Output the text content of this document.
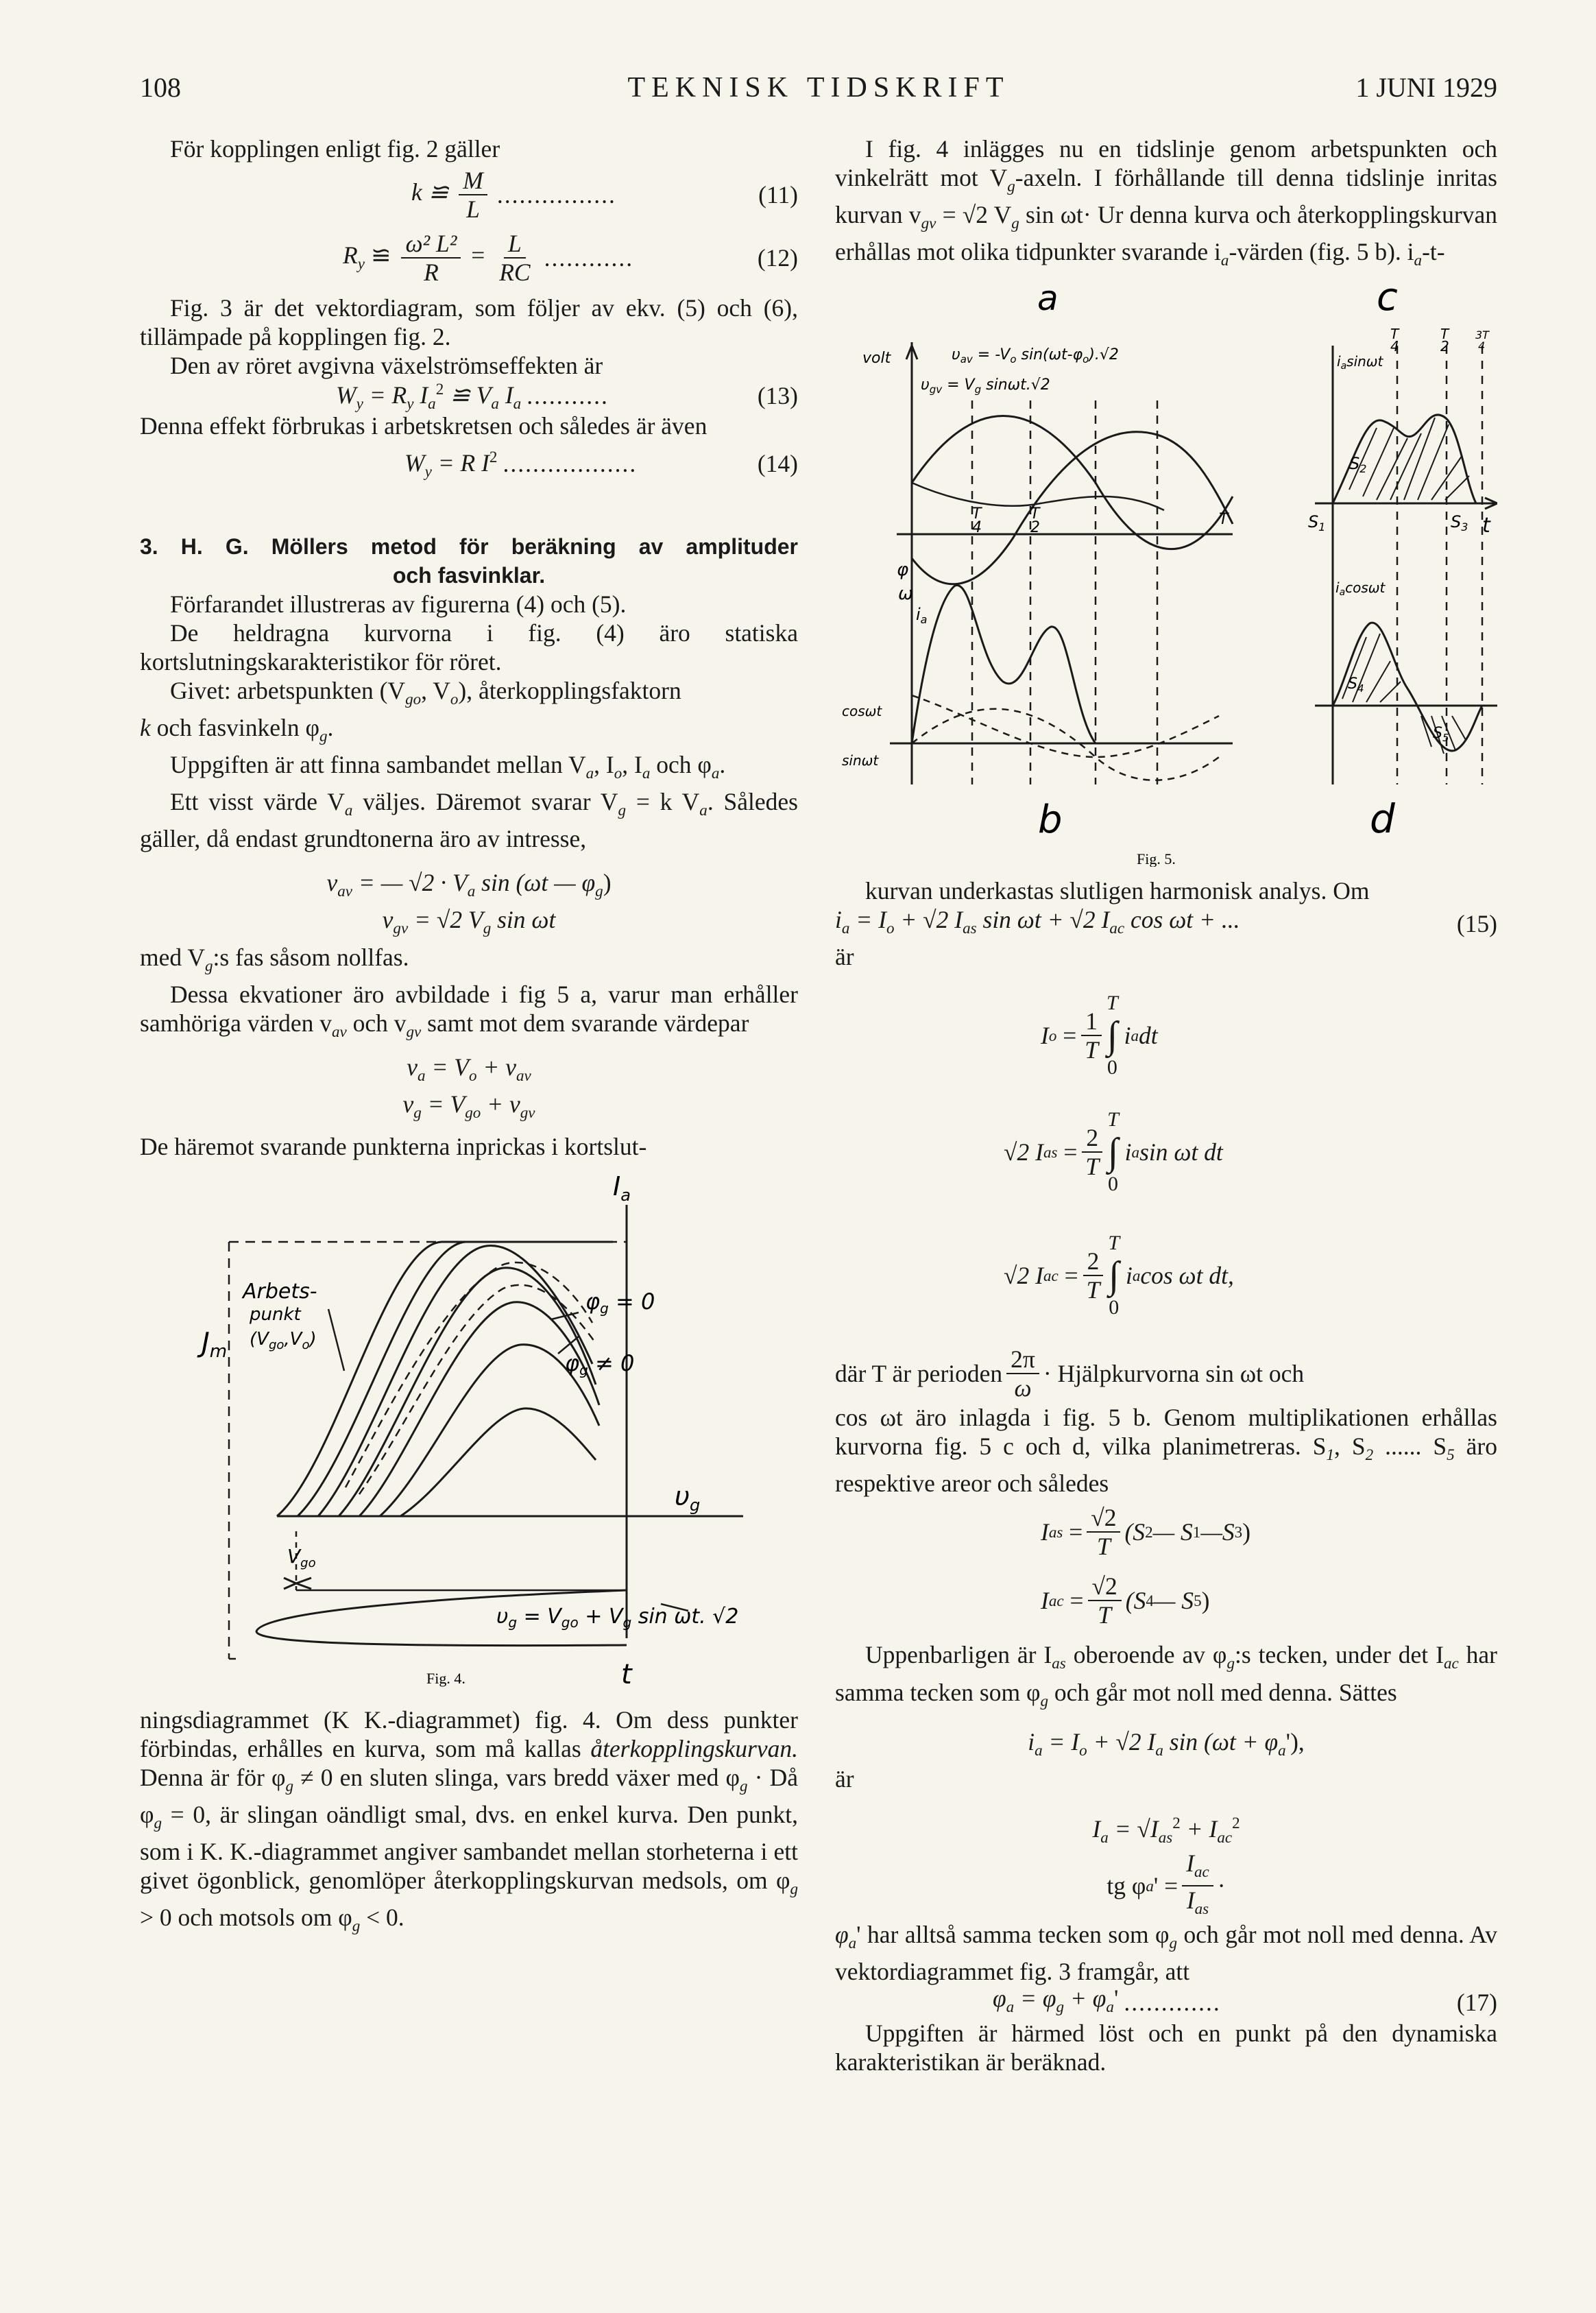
108	TEKNISK TIDSKRIFT	1 JUNI 1929

För kopplingen enligt fig. 2 gäller

k ≌ $\frac{M}{L}$ ................	(11)
$R_y$ ≌ $\frac{\text{ω² L²}}{R} = \frac{L}{RC}$ ............	(12)

Fig. 3 är det vektordiagram, som följer av ekv. (5) och (6), tillämpade på kopplingen fig. 2.

Den av röret avgivna växelströmseffekten är

$W_y = R_y$ $I_a^2$ ≌ $V_a$ $I_a$ ...........	(13)

Denna effekt förbrukas i arbetskretsen och således är även

$W_y = R$ $I^2$ ..................	(14)
3. H. G. Möllers metod för beräkning av amplituder
och fasvinklar.

Förfarandet illustreras av figurerna (4) och (5).

De heldragna kurvorna i fig. (4) äro statiska kortslutningskarakteristikor för röret.

Givet: arbetspunkten ($V_{go}$, $V_o$), återkopplingsfaktorn
k och fasvinkeln $\varphi_g$.

Uppgiften är att finna sambandet mellan $V_a$, $I_o$, $I_a$ och $\varphi_a$.

Ett visst värde $V_a$ väljes. Däremot svarar $V_g = k$ $V_a$. Således gäller, då endast grundtonerna äro av intresse,

$v_{av}$ = — $√2 \cdot V_a$ sin (ωt — $\varphi_g$)
$v_{gv} = √2$ $V_g$ sin ωt

med $V_g:s$ fas såsom nollfas.

Dessa ekvationer äro avbildade i fig 5 a, varur man erhåller samhöriga värden $v_{av}$ och $v_{gv}$ samt mot dem svarande värdepar

$v_a = V_o + v_{av}$
$v_g = V_{go} + v_{gv}$

De häremot svarande punkterna inprickas i kortslut-

$I_a$
Arbets-
punkt
$(V_{go},V_o)$
$J_m$
φg = 0
φg ≠ 0
$\upsilon_g$
$V_{go}$
$\upsilon_g = V_{go} + V_g$ sin ωt. √2
t
Fig. 4.

ningsdiagrammet (K K.-diagrammet) fig. 4. Om dess punkter förbindas, erhålles en kurva, som må kallas återkopplingskurvan. Denna är för $\varphi_g \ne 0$ en sluten slinga, vars bredd växer med $\varphi_g$ · Då $\varphi_g = 0$, är slingan oändligt smal, dvs. en enkel kurva. Den punkt, som i K. K.-diagrammet angiver sambandet mellan storheterna i ett givet ögonblick, genomlöper återkopplingskurvan medsols, om $\varphi_g > 0$ och motsols om $\varphi_g < 0$.

I fig. 4 inlägges nu en tidslinje genom arbetspunkten och vinkelrätt mot $V_g$-axeln. I förhållande till denna tidslinje inritas kurvan $v_{gv} = √2$ $V_g$ sin ωt· Ur denna kurva och återkopplingskurvan erhållas mot olika tidpunkter svarande $i_a$-värden (fig. 5 b). $i_a-t-$

a	c
volt	$\upsilon_{av} = -V_o$ $\sin(\omega t-\varphi_o).√2$
$\upsilon_{gv} = V_g$ sinωt.√2
T 4
T 2	T
φ
ω
$i_a$
cosωt
sinωt
b
Fig. 5.
$i_a\sin\omega t$
T 4
T 2
3T 4
$S_2$
$S_1$	$S_3$ t
$i_a\cos\omega t$
$S_4$
$S_5$
d

kurvan underkastas slutligen harmonisk analys. Om

$i_a = I_o + √2$ $I_{as}$ sin ωt + √2 $I_{ac}$ cos ωt + ...	(15)

är

I $o = \frac{1}{T}$
T
∫
0

i a dt
√2 I as = $\frac{2}{T}$
T
∫
0

i a sin ωt dt
√2 I ac = $\frac{2}{T}$
T
∫
0

i a cos ωt dt,
där T är perioden $\frac{2\pi}{\omega}$ · Hjälpkurvorna sin ωt och

cos ωt äro inlagda i fig. 5 b. Genom multiplikationen erhållas kurvorna fig. 5 c och d, vilka planimetreras. $S_1$, $S_2$ ...... $S_5$ äro respektive areor och således

I as = $\frac{√2}{T} (S$ 2 — S 1 —S 3 )
I ac = $\frac{√2}{T} (S$ 4 — S 5 )

Uppenbarligen är $I_{as}$ oberoende av $\varphi_g:s$ tecken, under $\det I_{ac}$ har samma tecken som $\varphi_g$ och går mot noll med denna. Sättes

$i_a = I_o + √2$ $I_a$ $\sin (\omega t + \varphi_a')$,

är

$I_a = √I_{as}^2 + I_{ac}^2$
tg φ a ' = $\frac{I_{ac}}{I_{as}}$ ·

$\varphi_a'$ har alltså samma tecken som $\varphi_g$ och går mot noll med denna. Av vektordiagrammet fig. 3 framgår, att

$\varphi_a = \varphi_g + \varphi_a'$ .............	(17)

Uppgiften är härmed löst och en punkt på den dynamiska karakteristikan är beräknad.
